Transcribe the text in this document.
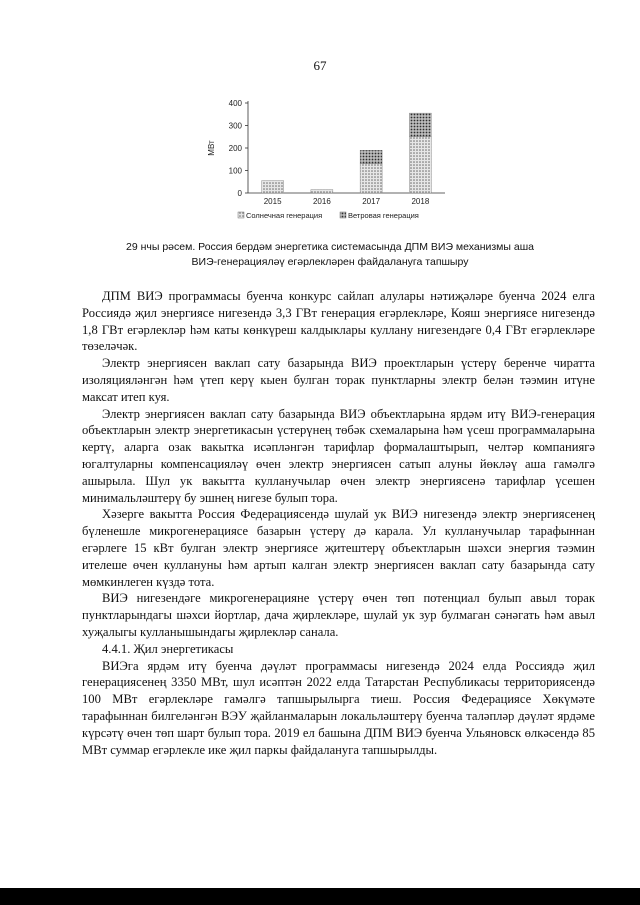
67
0
100
200
300
400
МВт
2015	2016	2017	2018
Солнечная генерация	Ветровая генерация
29 нчы рәсем. Россия бердәм энергетика системасында ДПМ ВИЭ механизмы аша
ВИЭ-генерацияләү егәрлекләрен файдалануга тапшыру

ДПМ ВИЭ программасы буенча конкурс сайлап алулары нәтиҗәләре буенча 2024 елга Россиядә җил энергиясе нигезендә 3,3 ГВт генерация егәрлекләре, Кояш энергиясе нигезендә 1,8 ГВт егәрлекләр һәм каты көнкүреш калдыклары куллану нигезендәге 0,4 ГВт егәрлекләре төзеләчәк.

Электр энергиясен ваклап сату базарында ВИЭ проектларын үстерү беренче чиратта изоляцияләнгән һәм үтеп керү кыен булган торак пунктларны электр белән тәэмин итүне максат итеп куя.

Электр энергиясен ваклап сату базарында ВИЭ объектларына ярдәм итү ВИЭ-генерация объектларын электр энергетикасын үстерүнең төбәк схемаларына һәм үсеш программаларына кертү, аларга озак вакытка исәпләнгән тарифлар формалаштырып, челтәр компаниягә югалтуларны компенсацияләү өчен электр энергиясен сатып алуны йөкләү аша гамәлгә ашырыла. Шул ук вакытта кулланучылар өчен электр энергиясенә тарифлар үсешен минимальләштерү бу эшнең нигезе булып тора.

Хәзерге вакытта Россия Федерациясендә шулай ук ВИЭ нигезендә электр энергиясенең бүленешле микрогенерациясе базарын үстерү дә карала. Ул кулланучылар тарафыннан егәрлеге 15 кВт булган электр энергиясе җитештерү объектларын шәхси энергия тәэмин ителеше өчен куллануны һәм артып калган электр энергиясен ваклап сату базарында сату мөмкинлеген күздә тота.

ВИЭ нигезендәге микрогенерацияне үстерү өчен төп потенциал булып авыл торак пунктларындагы шәхси йортлар, дача җирлекләре, шулай ук зур булмаган сәнәгать һәм авыл хуҗалыгы кулланышындагы җирлекләр санала.

4.4.1. Җил энергетикасы

ВИЭга ярдәм итү буенча дәүләт программасы нигезендә 2024 елда Россиядә җил генерациясенең 3350 МВт, шул исәптән 2022 елда Татарстан Республикасы территориясендә 100 МВт егәрлекләре гамәлгә тапшырылырга тиеш. Россия Федерациясе Хөкүмәте тарафыннан билгеләнгән ВЭУ җайланмаларын локальләштерү буенча таләпләр дәүләт ярдәме күрсәтү өчен төп шарт булып тора. 2019 ел башына ДПМ ВИЭ буенча Ульяновск өлкәсендә 85 МВт суммар егәрлекле ике җил паркы файдалануга тапшырылды.
